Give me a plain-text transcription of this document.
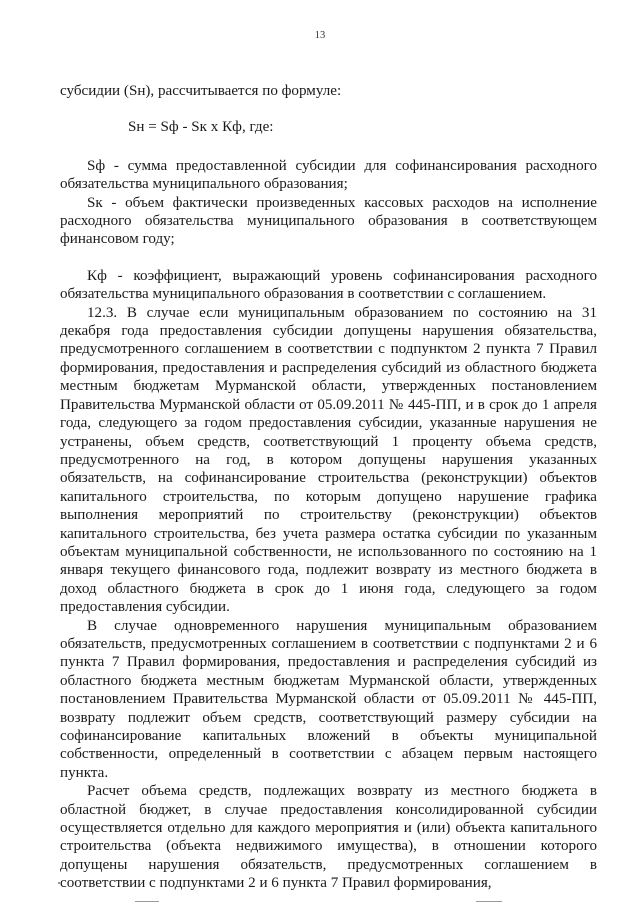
13

субсидии (Sн), рассчитывается по формуле:

Sн = Sф - Sк х Кф, где:

Sф - сумма предоставленной субсидии для софинансирования расходного обязательства муниципального образования;

Sк - объем фактически произведенных кассовых расходов на исполнение расходного обязательства муниципального образования в соответствующем финансовом году;

Кф - коэффициент, выражающий уровень софинансирования расходного обязательства муниципального образования в соответствии с соглашением.

12.3. В случае если муниципальным образованием по состоянию на 31 декабря года предоставления субсидии допущены нарушения обязательства, предусмотренного соглашением в соответствии с подпунктом 2 пункта 7 Правил формирования, предоставления и распределения субсидий из областного бюджета местным бюджетам Мурманской области, утвержденных постановлением Правительства Мурманской области от 05.09.2011 № 445-ПП, и в срок до 1 апреля года, следующего за годом предоставления субсидии, указанные нарушения не устранены, объем средств, соответствующий 1 проценту объема средств, предусмотренного на год, в котором допущены нарушения указанных обязательств, на софинансирование строительства (реконструкции) объектов капитального строительства, по которым допущено нарушение графика выполнения мероприятий по строительству (реконструкции) объектов капитального строительства, без учета размера остатка субсидии по указанным объектам муниципальной собственности, не использованного по состоянию на 1 января текущего финансового года, подлежит возврату из местного бюджета в доход областного бюджета в срок до 1 июня года, следующего за годом предоставления субсидии.

В случае одновременного нарушения муниципальным образованием обязательств, предусмотренных соглашением в соответствии с подпунктами 2 и 6 пункта 7 Правил формирования, предоставления и распределения субсидий из областного бюджета местным бюджетам Мурманской области, утвержденных постановлением Правительства Мурманской области от 05.09.2011 № 445-ПП, возврату подлежит объем средств, соответствующий размеру субсидии на софинансирование капитальных вложений в объекты муниципальной собственности, определенный в соответствии с абзацем первым настоящего пункта.

Расчет объема средств, подлежащих возврату из местного бюджета в областной бюджет, в случае предоставления консолидированной субсидии осуществляется отдельно для каждого мероприятия и (или) объекта капитального строительства (объекта недвижимого имущества), в отношении которого допущены нарушения обязательств, предусмотренных соглашением в соответствии с подпунктами 2 и 6 пункта 7 Правил формирования,
